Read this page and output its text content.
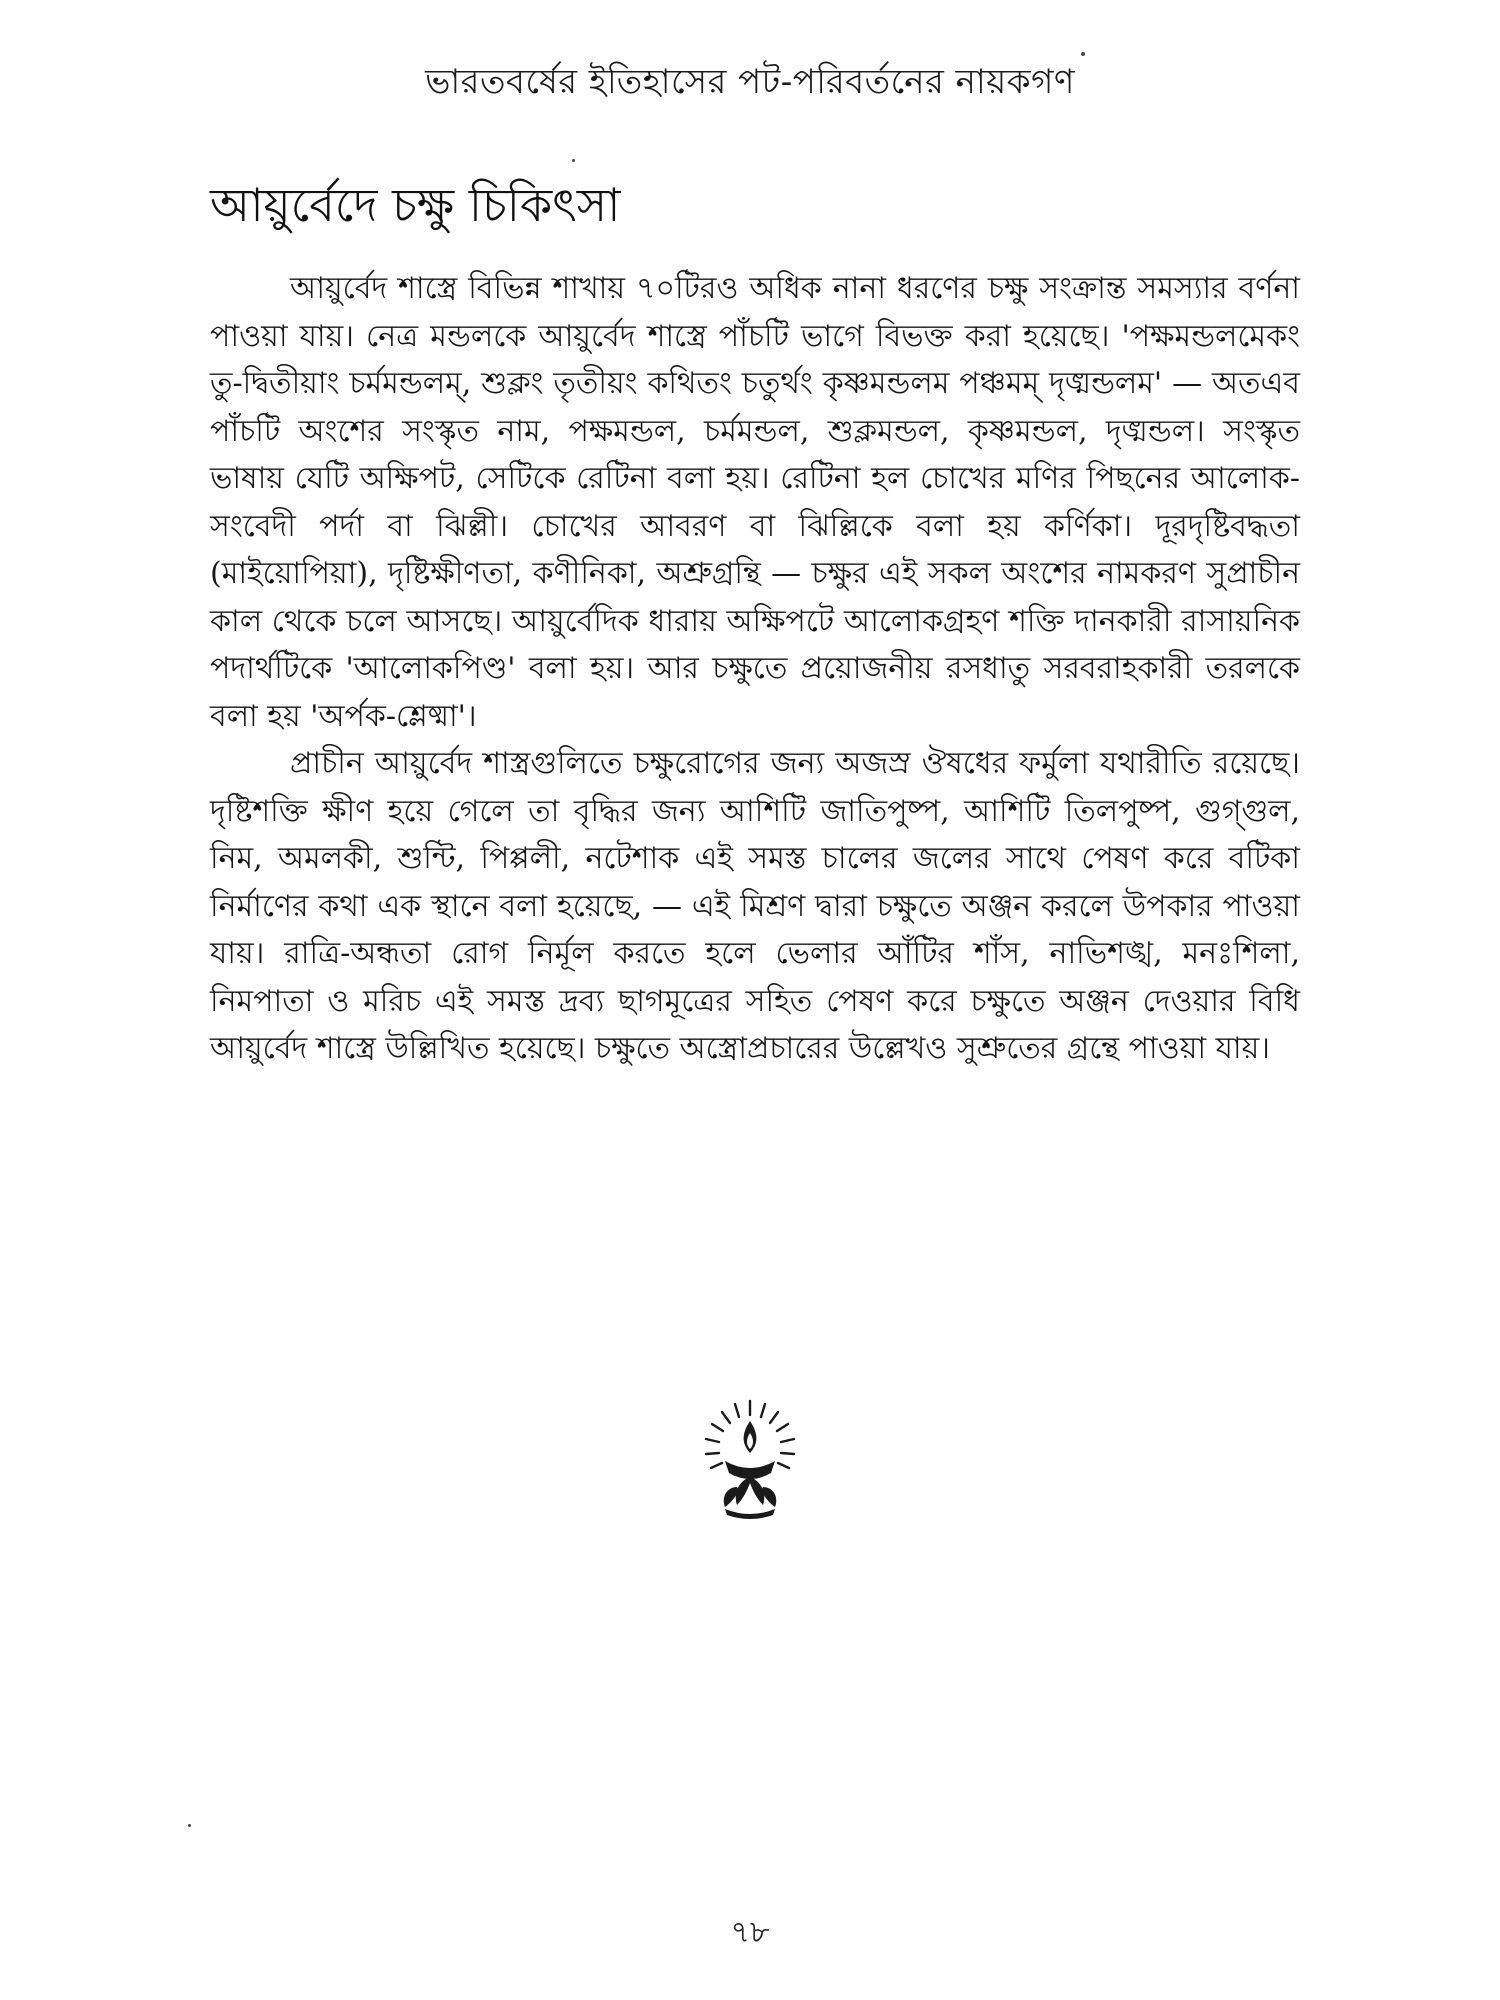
ভারতবর্ষের ইতিহাসের পট-পরিবর্তনের নায়কগণ
আয়ুর্বেদে চক্ষু চিকিৎসা

আয়ুর্বেদ শাস্ত্রে বিভিন্ন শাখায় ৭০টিরও অধিক নানা ধরণের চক্ষু সংক্রান্ত সমস্যার বর্ণনা পাওয়া যায়। নেত্র মন্ডলকে আয়ুর্বেদ শাস্ত্রে পাঁচটি ভাগে বিভক্ত করা হয়েছে। 'পক্ষমন্ডলমেকং তু-দ্বিতীয়াং চর্মমন্ডলম্, শুক্লং তৃতীয়ং কথিতং চতুর্থং কৃষ্ণমন্ডলম পঞ্চমম্ দৃঙ্মন্ডলম' — অতএব পাঁচটি অংশের সংস্কৃত নাম, পক্ষমন্ডল, চর্মমন্ডল, শুক্লমন্ডল, কৃষ্ণমন্ডল, দৃঙ্মন্ডল। সংস্কৃত ভাষায় যেটি অক্ষিপট, সেটিকে রেটিনা বলা হয়। রেটিনা হল চোখের মণির পিছনের আলোক-সংবেদী পর্দা বা ঝিল্লী। চোখের আবরণ বা ঝিল্লিকে বলা হয় কর্ণিকা। দূরদৃষ্টিবদ্ধতা (মাইয়োপিয়া), দৃষ্টিক্ষীণতা, কণীনিকা, অশ্রুগ্রন্থি — চক্ষুর এই সকল অংশের নামকরণ সুপ্রাচীন কাল থেকে চলে আসছে। আয়ুর্বেদিক ধারায় অক্ষিপটে আলোকগ্রহণ শক্তি দানকারী রাসায়নিক পদার্থটিকে 'আলোকপিণ্ড' বলা হয়। আর চক্ষুতে প্রয়োজনীয় রসধাতু সরবরাহকারী তরলকে বলা হয় 'অর্পক-শ্লেষ্মা'।

প্রাচীন আয়ুর্বেদ শাস্ত্রগুলিতে চক্ষুরোগের জন্য অজস্র ঔষধের ফর্মুলা যথারীতি রয়েছে। দৃষ্টিশক্তি ক্ষীণ হয়ে গেলে তা বৃদ্ধির জন্য আশিটি জাতিপুষ্প, আশিটি তিলপুষ্প, গুগ্গুল, নিম, অমলকী, শুন্টি, পিপ্পলী, নটেশাক এই সমস্ত চালের জলের সাথে পেষণ করে বটিকা নির্মাণের কথা এক স্থানে বলা হয়েছে, — এই মিশ্রণ দ্বারা চক্ষুতে অঞ্জন করলে উপকার পাওয়া যায়। রাত্রি-অন্ধতা রোগ নির্মূল করতে হলে ভেলার আঁটির শাঁস, নাভিশঙ্খ, মনঃশিলা, নিমপাতা ও মরিচ এই সমস্ত দ্রব্য ছাগমূত্রের সহিত পেষণ করে চক্ষুতে অঞ্জন দেওয়ার বিধি আয়ুর্বেদ শাস্ত্রে উল্লিখিত হয়েছে। চক্ষুতে অস্ত্রোপ্রচারের উল্লেখও সুশ্রুতের গ্রন্থে পাওয়া যায়।

৭৮
